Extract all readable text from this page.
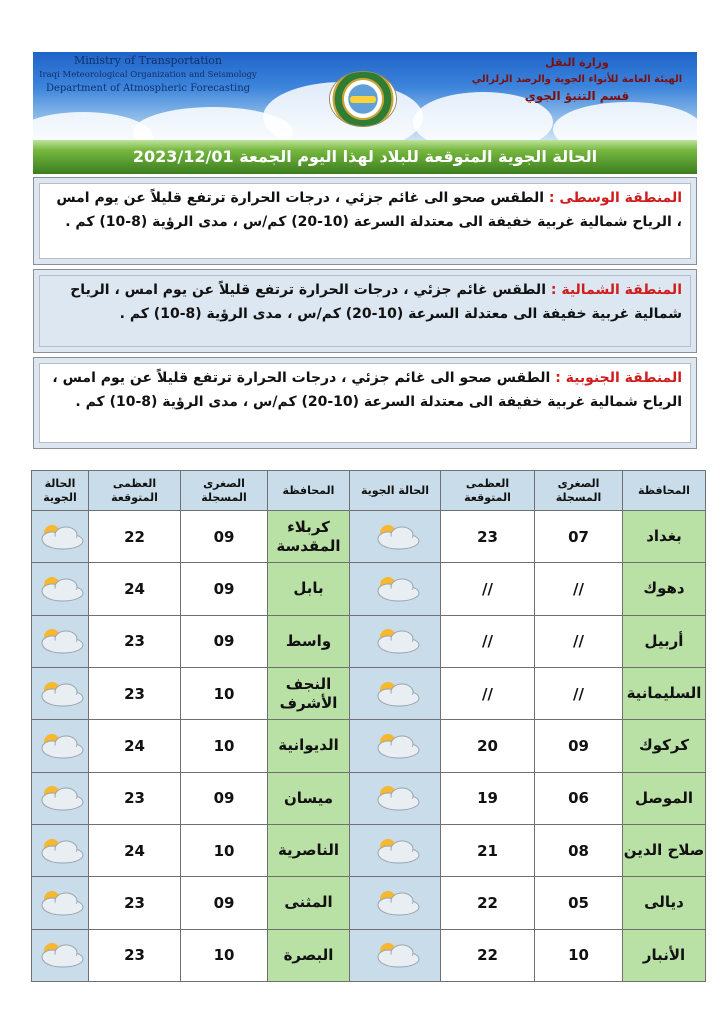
Ministry of Transportation
Iraqi Meteorological Organization and Seismology
Department of Atmospheric Forecasting
وزارة النقل
الهيئة العامة للأنواء الجوية والرصد الزلزالي
قسم التنبؤ الجوي
الحالة الجوية المتوقعة للبلاد لهذا اليوم الجمعة 2023/12/01
المنطقة الوسطى : الطقس صحو الى غائم جزئي ، درجات الحرارة ترتفع قليلاً عن يوم امس ، الرياح شمالية غربية خفيفة الى معتدلة السرعة (10-20) كم/س ، مدى الرؤية (8-10) كم .
المنطقة الشمالية : الطقس غائم جزئي ، درجات الحرارة ترتفع قليلاً عن يوم امس ، الرياح شمالية غربية خفيفة الى معتدلة السرعة (10-20) كم/س ، مدى الرؤية (8-10) كم .
المنطقة الجنوبية : الطقس صحو الى غائم جزئي ، درجات الحرارة ترتفع قليلاً عن يوم امس ، الرياح شمالية غربية خفيفة الى معتدلة السرعة (10-20) كم/س ، مدى الرؤية (8-10) كم .
المحافظة	الصغرى المسجلة	العظمى المتوقعة	الحالة الجوية	المحافظة	الصغرى المسجلة	العظمى المتوقعة	الحالة الجوية
بغداد	07	23		كربلاء المقدسة	09	22	
دهوك	//	//		بابل	09	24	
أربيل	//	//		واسط	09	23	
السليمانية	//	//		النجف الأشرف	10	23	
كركوك	09	20		الديوانية	10	24	
الموصل	06	19		ميسان	09	23	
صلاح الدين	08	21		الناصرية	10	24	
ديالى	05	22		المثنى	09	23	
الأنبار	10	22		البصرة	10	23	
